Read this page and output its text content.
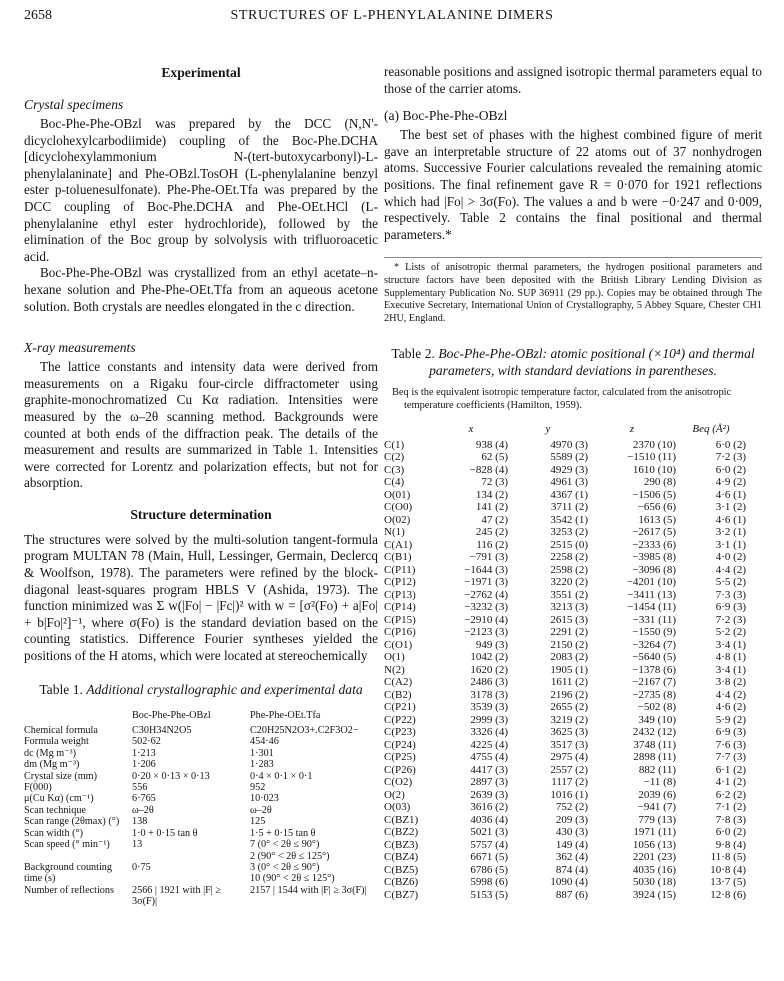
2658	STRUCTURES OF L-PHENYLALANINE DIMERS
Experimental
Crystal specimens

Boc-Phe-Phe-OBzl was prepared by the DCC (N,N'-dicyclohexylcarbodiimide) coupling of the Boc-Phe.DCHA [dicyclohexylammonium N-(tert-butoxycarbonyl)-L-phenylalaninate] and Phe-OBzl.TosOH (L-phenylalanine benzyl ester p-toluenesulfonate). Phe-Phe-OEt.Tfa was prepared by the DCC coupling of Boc-Phe.DCHA and Phe-OEt.HCl (L-phenylalanine ethyl ester hydrochloride), followed by the elimination of the Boc group by solvolysis with trifluoroacetic acid.

Boc-Phe-Phe-OBzl was crystallized from an ethyl acetate–n-hexane solution and Phe-Phe-OEt.Tfa from an aqueous acetone solution. Both crystals are needles elongated in the c direction.

X-ray measurements

The lattice constants and intensity data were derived from measurements on a Rigaku four-circle diffractometer using graphite-monochromatized Cu Kα radiation. Intensities were measured by the ω–2θ scanning method. Backgrounds were counted at both ends of the diffraction peak. The details of the measurement and results are summarized in Table 1. Intensities were corrected for Lorentz and polarization effects, but not for absorption.

Structure determination

The structures were solved by the multi-solution tangent-formula program MULTAN 78 (Main, Hull, Lessinger, Germain, Declercq & Woolfson, 1978). The parameters were refined by the block-diagonal least-squares program HBLS V (Ashida, 1973). The function minimized was Σ w(|Fo| − |Fc|)² with w = [σ²(Fo) + a|Fo| + b|Fo|²]⁻¹, where σ(Fo) is the standard deviation based on the counting statistics. Difference Fourier syntheses yielded the positions of the H atoms, which were located at stereochemically

Table 1. Additional crystallographic and experimental data
	Boc-Phe-Phe-OBzl	Phe-Phe-OEt.Tfa
Chemical formula	C30H34N2O5	C20H25N2O3+.C2F3O2−
Formula weight	502·62	454·46
dc (Mg m⁻³)	1·213	1·301
dm (Mg m⁻³)	1·206	1·283
Crystal size (mm)	0·20 × 0·13 × 0·13	0·4 × 0·1 × 0·1
F(000)	556	952
μ(Cu Kα) (cm⁻¹)	6·765	10·023
Scan technique	ω–2θ	ω–2θ
Scan range (2θmax) (°)	138	125
Scan width (°)	1·0 + 0·15 tan θ	1·5 + 0·15 tan θ
Scan speed (° min⁻¹)	13	7 (0° < 2θ ≤ 90°)
2 (90° < 2θ ≤ 125°)
Background counting time (s)	0·75	3 (0° < 2θ ≤ 90°)
10 (90° < 2θ ≤ 125°)
Number of reflections	2566 | 1921 with |F| ≥ 3σ(F)|	2157 | 1544 with |F| ≥ 3σ(F)|

reasonable positions and assigned isotropic thermal parameters equal to those of the carrier atoms.

(a) Boc-Phe-Phe-OBzl

The best set of phases with the highest combined figure of merit gave an interpretable structure of 22 atoms out of 37 nonhydrogen atoms. Successive Fourier calculations revealed the remaining atomic positions. The final refinement gave R = 0·070 for 1921 reflections which had |Fo| > 3σ(Fo). The values a and b were −0·247 and 0·009, respectively. Table 2 contains the final positional and thermal parameters.*

* Lists of anisotropic thermal parameters, the hydrogen positional parameters and structure factors have been deposited with the British Library Lending Division as Supplementary Publication No. SUP 36911 (29 pp.). Copies may be obtained through The Executive Secretary, International Union of Crystallography, 5 Abbey Square, Chester CH1 2HU, England.

Table 2. Boc-Phe-Phe-OBzl: atomic positional (×10⁴) and thermal parameters, with standard deviations in parentheses.

Beq is the equivalent isotropic temperature factor, calculated from the anisotropic temperature coefficients (Hamilton, 1959).

	x	y	z	Beq (Å²)
C(1)	938 (4)	4970 (3)	2370 (10)	6·0 (2)
C(2)	62 (5)	5589 (2)	−1510 (11)	7·2 (3)
C(3)	−828 (4)	4929 (3)	1610 (10)	6·0 (2)
C(4)	72 (3)	4961 (3)	290 (8)	4·9 (2)
O(01)	134 (2)	4367 (1)	−1506 (5)	4·6 (1)
C(O0)	141 (2)	3711 (2)	−656 (6)	3·1 (2)
O(02)	47 (2)	3542 (1)	1613 (5)	4·6 (1)
N(1)	245 (2)	3253 (2)	−2617 (5)	3·2 (1)
C(A1)	116 (2)	2515 (0)	−2333 (6)	3·1 (1)
C(B1)	−791 (3)	2258 (2)	−3985 (8)	4·0 (2)
C(P11)	−1644 (3)	2598 (2)	−3096 (8)	4·4 (2)
C(P12)	−1971 (3)	3220 (2)	−4201 (10)	5·5 (2)
C(P13)	−2762 (4)	3551 (2)	−3411 (13)	7·3 (3)
C(P14)	−3232 (3)	3213 (3)	−1454 (11)	6·9 (3)
C(P15)	−2910 (4)	2615 (3)	−331 (11)	7·2 (3)
C(P16)	−2123 (3)	2291 (2)	−1550 (9)	5·2 (2)
C(O1)	949 (3)	2150 (2)	−3264 (7)	3·4 (1)
O(1)	1042 (2)	2083 (2)	−5640 (5)	4·8 (1)
N(2)	1620 (2)	1905 (1)	−1378 (6)	3·4 (1)
C(A2)	2486 (3)	1611 (2)	−2167 (7)	3·8 (2)
C(B2)	3178 (3)	2196 (2)	−2735 (8)	4·4 (2)
C(P21)	3539 (3)	2655 (2)	−502 (8)	4·6 (2)
C(P22)	2999 (3)	3219 (2)	349 (10)	5·9 (2)
C(P23)	3326 (4)	3625 (3)	2432 (12)	6·9 (3)
C(P24)	4225 (4)	3517 (3)	3748 (11)	7·6 (3)
C(P25)	4755 (4)	2975 (4)	2898 (11)	7·7 (3)
C(P26)	4417 (3)	2557 (2)	882 (11)	6·1 (2)
C(O2)	2897 (3)	1117 (2)	−11 (8)	4·1 (2)
O(2)	2639 (3)	1016 (1)	2039 (6)	6·2 (2)
O(03)	3616 (2)	752 (2)	−941 (7)	7·1 (2)
C(BZ1)	4036 (4)	209 (3)	779 (13)	7·8 (3)
C(BZ2)	5021 (3)	430 (3)	1971 (11)	6·0 (2)
C(BZ3)	5757 (4)	149 (4)	1056 (13)	9·8 (4)
C(BZ4)	6671 (5)	362 (4)	2201 (23)	11·8 (5)
C(BZ5)	6786 (5)	874 (4)	4035 (16)	10·8 (4)
C(BZ6)	5998 (6)	1090 (4)	5030 (18)	13·7 (5)
C(BZ7)	5153 (5)	887 (6)	3924 (15)	12·8 (6)
